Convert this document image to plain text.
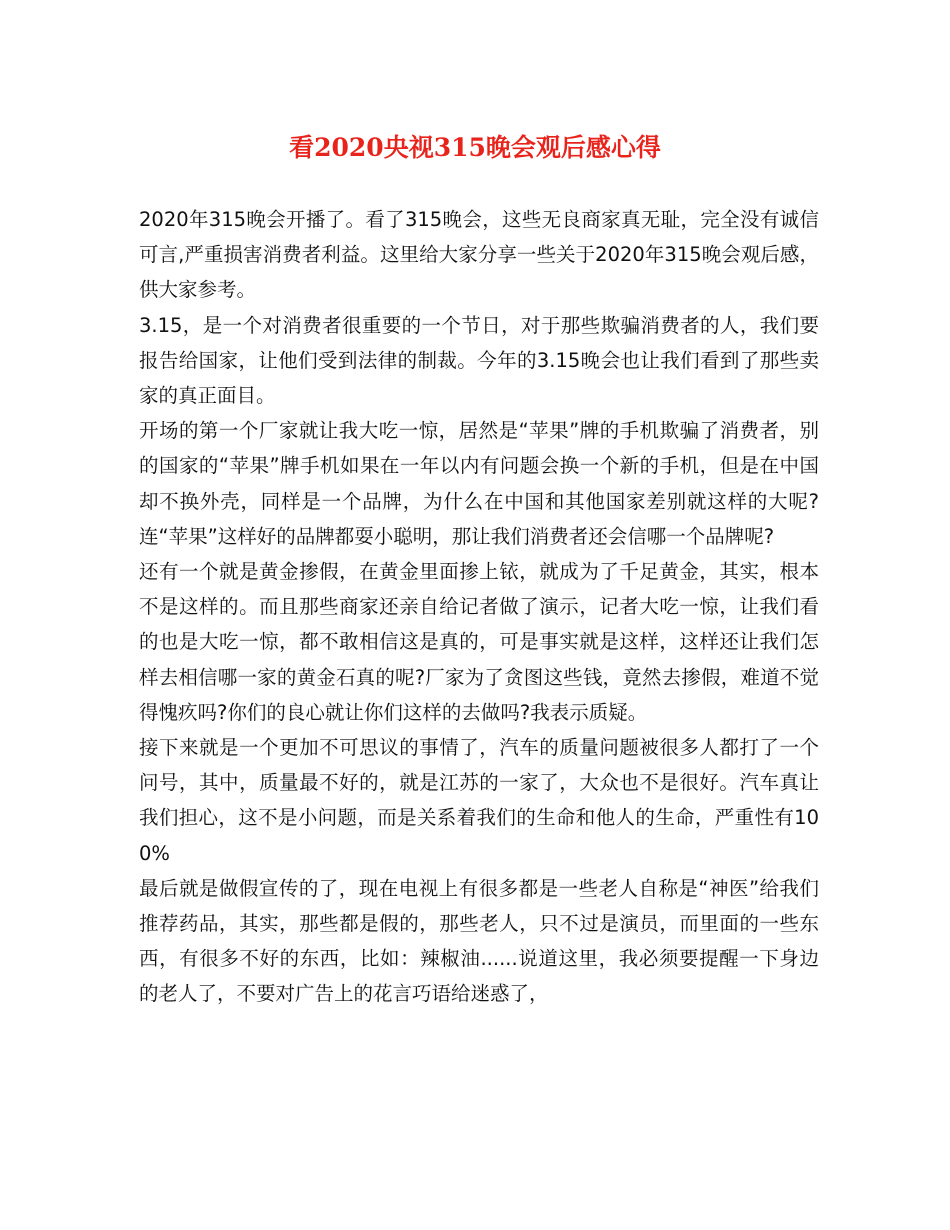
看2020央视315晚会观后感心得

2020年315晚会开播了。看了315晚会，这些无良商家真无耻，完全没有诚信可言,严重损害消费者利益。这里给大家分享一些关于2020年315晚会观后感，供大家参考。

3.15，是一个对消费者很重要的一个节日，对于那些欺骗消费者的人，我们要报告给国家，让他们受到法律的制裁。今年的3.15晚会也让我们看到了那些卖家的真正面目。

开场的第一个厂家就让我大吃一惊，居然是“苹果”牌的手机欺骗了消费者，别的国家的“苹果”牌手机如果在一年以内有问题会换一个新的手机，但是在中国却不换外壳，同样是一个品牌，为什么在中国和其他国家差别就这样的大呢?连“苹果”这样好的品牌都耍小聪明，那让我们消费者还会信哪一个品牌呢?

还有一个就是黄金掺假，在黄金里面掺上铱，就成为了千足黄金，其实，根本不是这样的。而且那些商家还亲自给记者做了演示，记者大吃一惊，让我们看的也是大吃一惊，都不敢相信这是真的，可是事实就是这样，这样还让我们怎样去相信哪一家的黄金石真的呢?厂家为了贪图这些钱，竟然去掺假，难道不觉得愧疚吗?你们的良心就让你们这样的去做吗?我表示质疑。

接下来就是一个更加不可思议的事情了，汽车的质量问题被很多人都打了一个问号，其中，质量最不好的，就是江苏的一家了，大众也不是很好。汽车真让我们担心，这不是小问题，而是关系着我们的生命和他人的生命，严重性有100%

最后就是做假宣传的了，现在电视上有很多都是一些老人自称是“神医”给我们推荐药品，其实，那些都是假的，那些老人，只不过是演员，而里面的一些东西，有很多不好的东西，比如：辣椒油......说道这里，我必须要提醒一下身边的老人了，不要对广告上的花言巧语给迷惑了，
